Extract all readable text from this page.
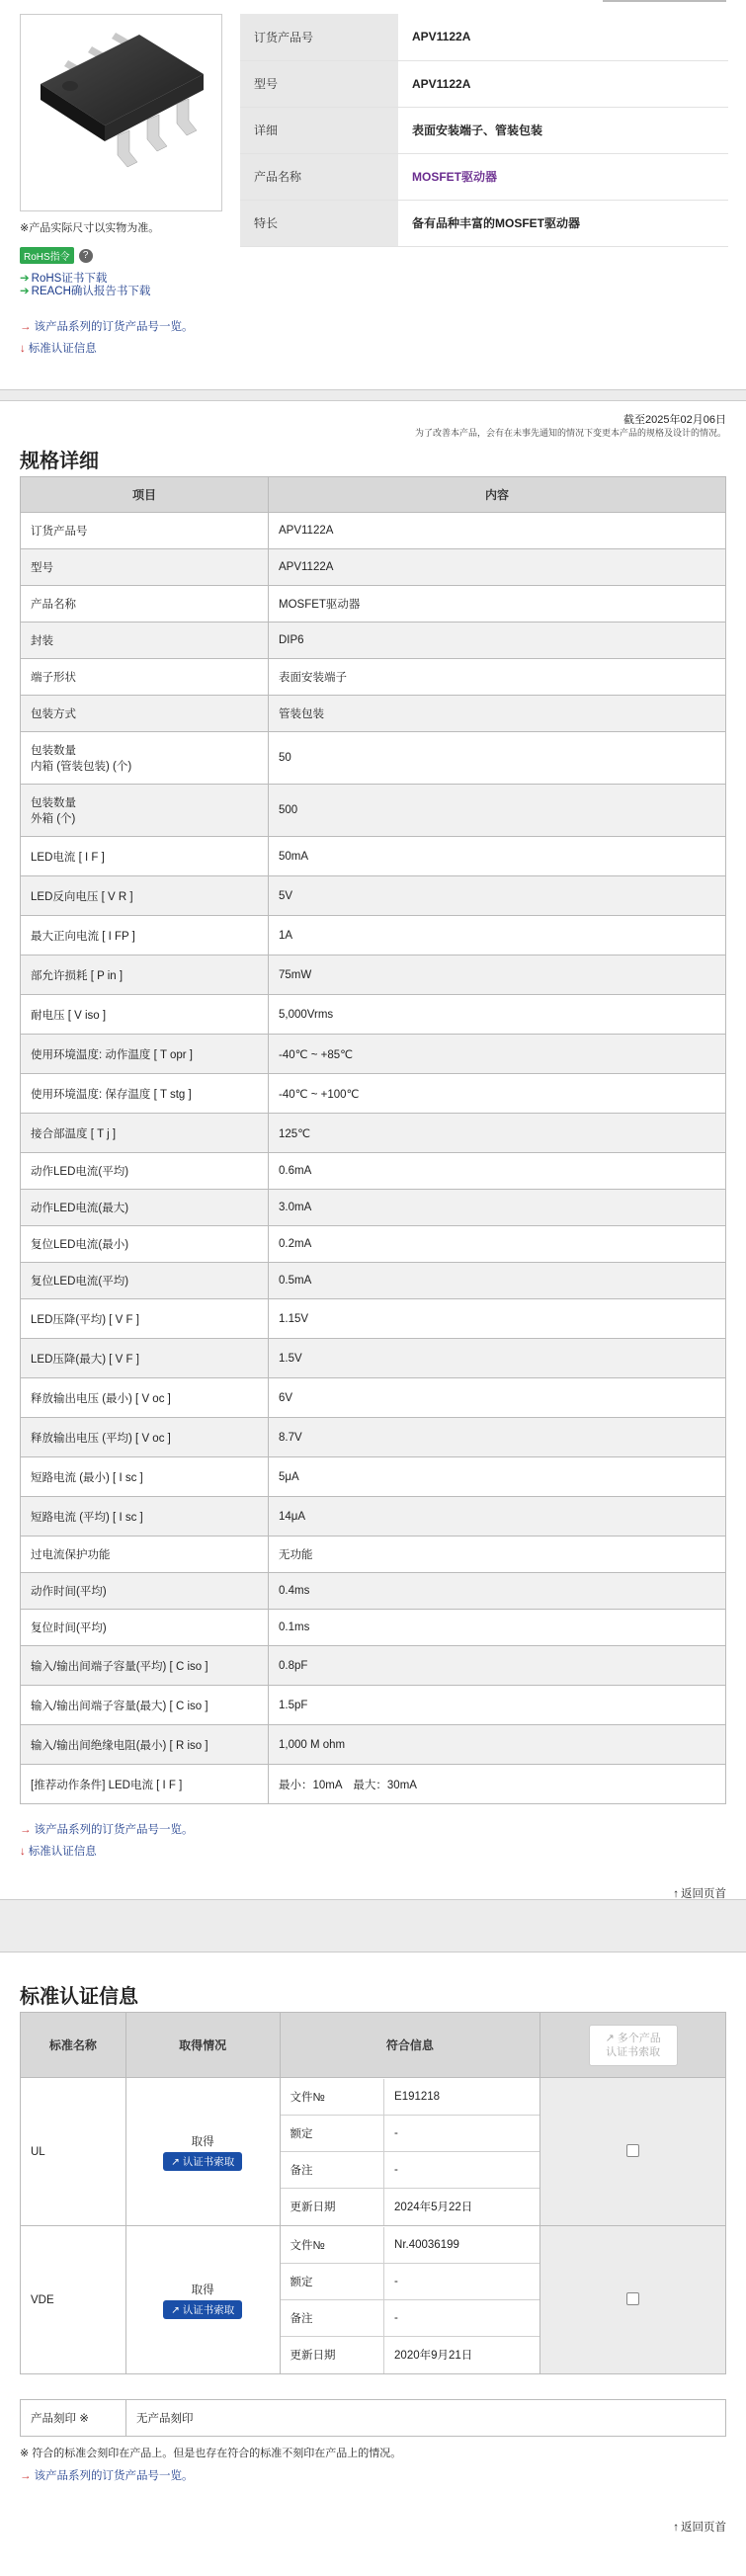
※产品实际尺寸以实物为准。
RoHS指令	?
➔ RoHS证书下载
➔ REACH确认报告书下载
→ 该产品系列的订货产品号一览。
↓ 标准认证信息
订货产品号	APV1122A
型号	APV1122A
详细	表面安装端子、管装包装
产品名称	MOSFET驱动器
特长	备有品种丰富的MOSFET驱动器
截至2025年02月06日
为了改善本产品，会有在未事先通知的情况下变更本产品的规格及设计的情况。
规格详细
项目	内容
订货产品号	APV1122A
型号	APV1122A
产品名称	MOSFET驱动器
封装	DIP6
端子形状	表面安装端子
包装方式	管装包装
包装数量
内箱 (管装包装) (个)	50
包装数量
外箱 (个)	500
LED电流 [ I F ]	50mA
LED反向电压 [ V R ]	5V
最大正向电流 [ I FP ]	1A
部允许损耗 [ P in ]	75mW
耐电压 [ V iso ]	5,000Vrms
使用环境温度: 动作温度 [ T opr ]	-40℃ ~ +85℃
使用环境温度: 保存温度 [ T stg ]	-40℃ ~ +100℃
接合部温度 [ T j ]	125℃
动作LED电流(平均)	0.6mA
动作LED电流(最大)	3.0mA
复位LED电流(最小)	0.2mA
复位LED电流(平均)	0.5mA
LED压降(平均) [ V F ]	1.15V
LED压降(最大) [ V F ]	1.5V
释放输出电压 (最小) [ V oc ]	6V
释放输出电压 (平均) [ V oc ]	8.7V
短路电流 (最小) [ I sc ]	5μA
短路电流 (平均) [ I sc ]	14μA
过电流保护功能	无功能
动作时间(平均)	0.4ms
复位时间(平均)	0.1ms
输入/输出间端子容量(平均) [ C iso ]	0.8pF
输入/输出间端子容量(最大) [ C iso ]	1.5pF
输入/输出间绝缘电阻(最小) [ R iso ]	1,000 M ohm
[推荐动作条件] LED电流 [ I F ]	最小：10mA　最大：30mA
→ 该产品系列的订货产品号一览。
↓ 标准认证信息
↑ 返回页首
标准认证信息
标准名称	取得情况	符合信息	↗ 多个产品
认证书索取
UL	
取得
↗ 认证书索取	
文件№	E191218
额定	-
备注	-
更新日期	2024年5月22日

VDE	
取得
↗ 认证书索取	
文件№	Nr.40036199
额定	-
备注	-
更新日期	2020年9月21日

产品刻印 ※	无产品刻印
※ 符合的标准会刻印在产品上。但是也存在符合的标准不刻印在产品上的情况。
→ 该产品系列的订货产品号一览。
↑ 返回页首
